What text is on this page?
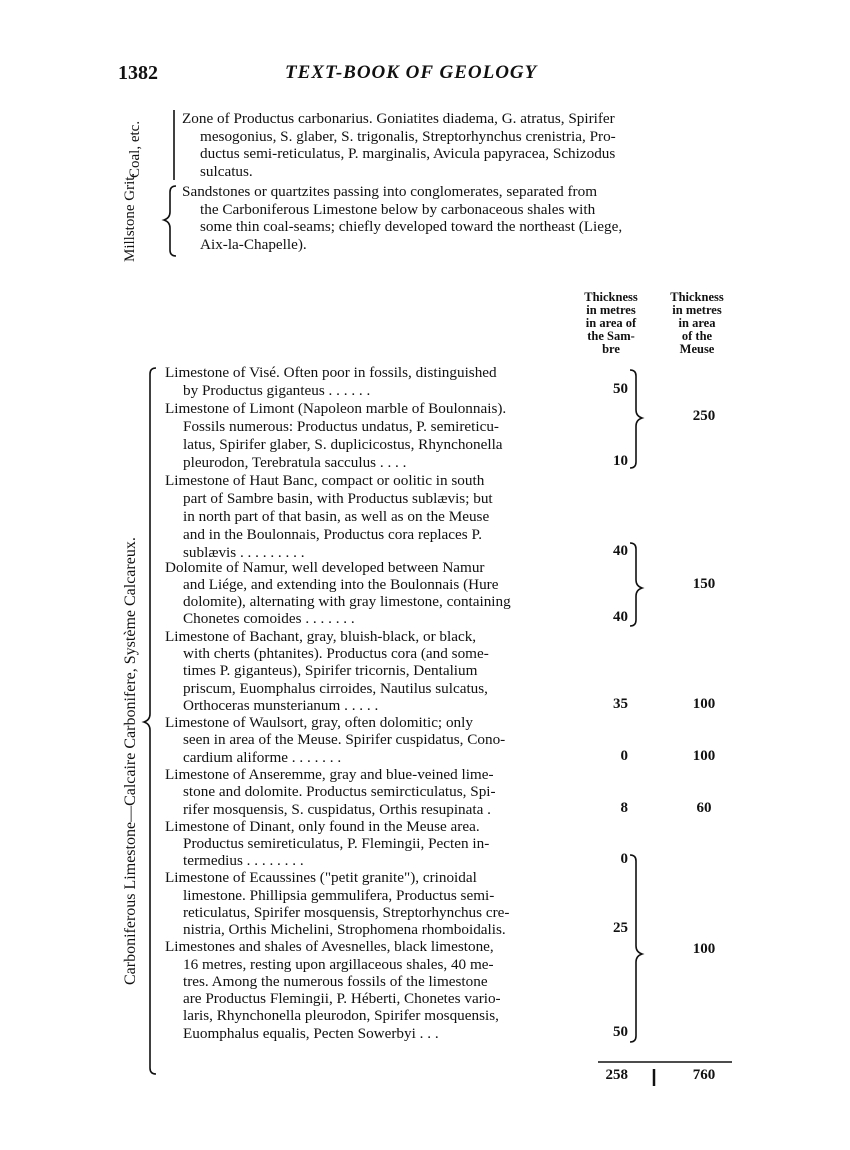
1382	TEXT-BOOK OF GEOLOGY
Coal, etc.
Millstone Grit.
Carboniferous Limestone—Calcaire Carbonifere, Système Calcareux.
Zone of Productus carbonarius. Goniatites diadema, G. atratus, Spirifer
mesogonius, S. glaber, S. trigonalis, Streptorhynchus crenistria, Pro-
ductus semi-reticulatus, P. marginalis, Avicula papyracea, Schizodus
sulcatus.
Sandstones or quartzites passing into conglomerates, separated from
the Carboniferous Limestone below by carbonaceous shales with
some thin coal-seams; chiefly developed toward the northeast (Liege,
Aix-la-Chapelle).
Thickness
in metres
in area of
the Sam-
bre
Thickness
in metres
in area
of the
Meuse
Limestone of Visé. Often poor in fossils, distinguished
by Productus giganteus . . . . . .
Limestone of Limont (Napoleon marble of Boulonnais).
Fossils numerous: Productus undatus, P. semireticu-
latus, Spirifer glaber, S. duplicicostus, Rhynchonella
pleurodon, Terebratula sacculus . . . .
Limestone of Haut Banc, compact or oolitic in south
part of Sambre basin, with Productus sublævis; but
in north part of that basin, as well as on the Meuse
and in the Boulonnais, Productus cora replaces P.
sublævis . . . . . . . . .
Dolomite of Namur, well developed between Namur
and Liége, and extending into the Boulonnais (Hure
dolomite), alternating with gray limestone, containing
Chonetes comoides . . . . . . .
Limestone of Bachant, gray, bluish-black, or black,
with cherts (phtanites). Productus cora (and some-
times P. giganteus), Spirifer tricornis, Dentalium
priscum, Euomphalus cirroides, Nautilus sulcatus,
Orthoceras munsterianum . . . . .
Limestone of Waulsort, gray, often dolomitic; only
seen in area of the Meuse. Spirifer cuspidatus, Cono-
cardium aliforme . . . . . . .
Limestone of Anseremme, gray and blue-veined lime-
stone and dolomite. Productus semircticulatus, Spi-
rifer mosquensis, S. cuspidatus, Orthis resupinata .
Limestone of Dinant, only found in the Meuse area.
Productus semireticulatus, P. Flemingii, Pecten in-
termedius . . . . . . . .
Limestone of Ecaussines ("petit granite"), crinoidal
limestone. Phillipsia gemmulifera, Productus semi-
reticulatus, Spirifer mosquensis, Streptorhynchus cre-
nistria, Orthis Michelini, Strophomena rhomboidalis.
Limestones and shales of Avesnelles, black limestone,
16 metres, resting upon argillaceous shales, 40 me-
tres. Among the numerous fossils of the limestone
are Productus Flemingii, P. Héberti, Chonetes vario-
laris, Rhynchonella pleurodon, Spirifer mosquensis,
Euomphalus equalis, Pecten Sowerbyi . . .
50
10
40
40
35
0
8
0
25
50
250
150
100
100
60
100
258	760
